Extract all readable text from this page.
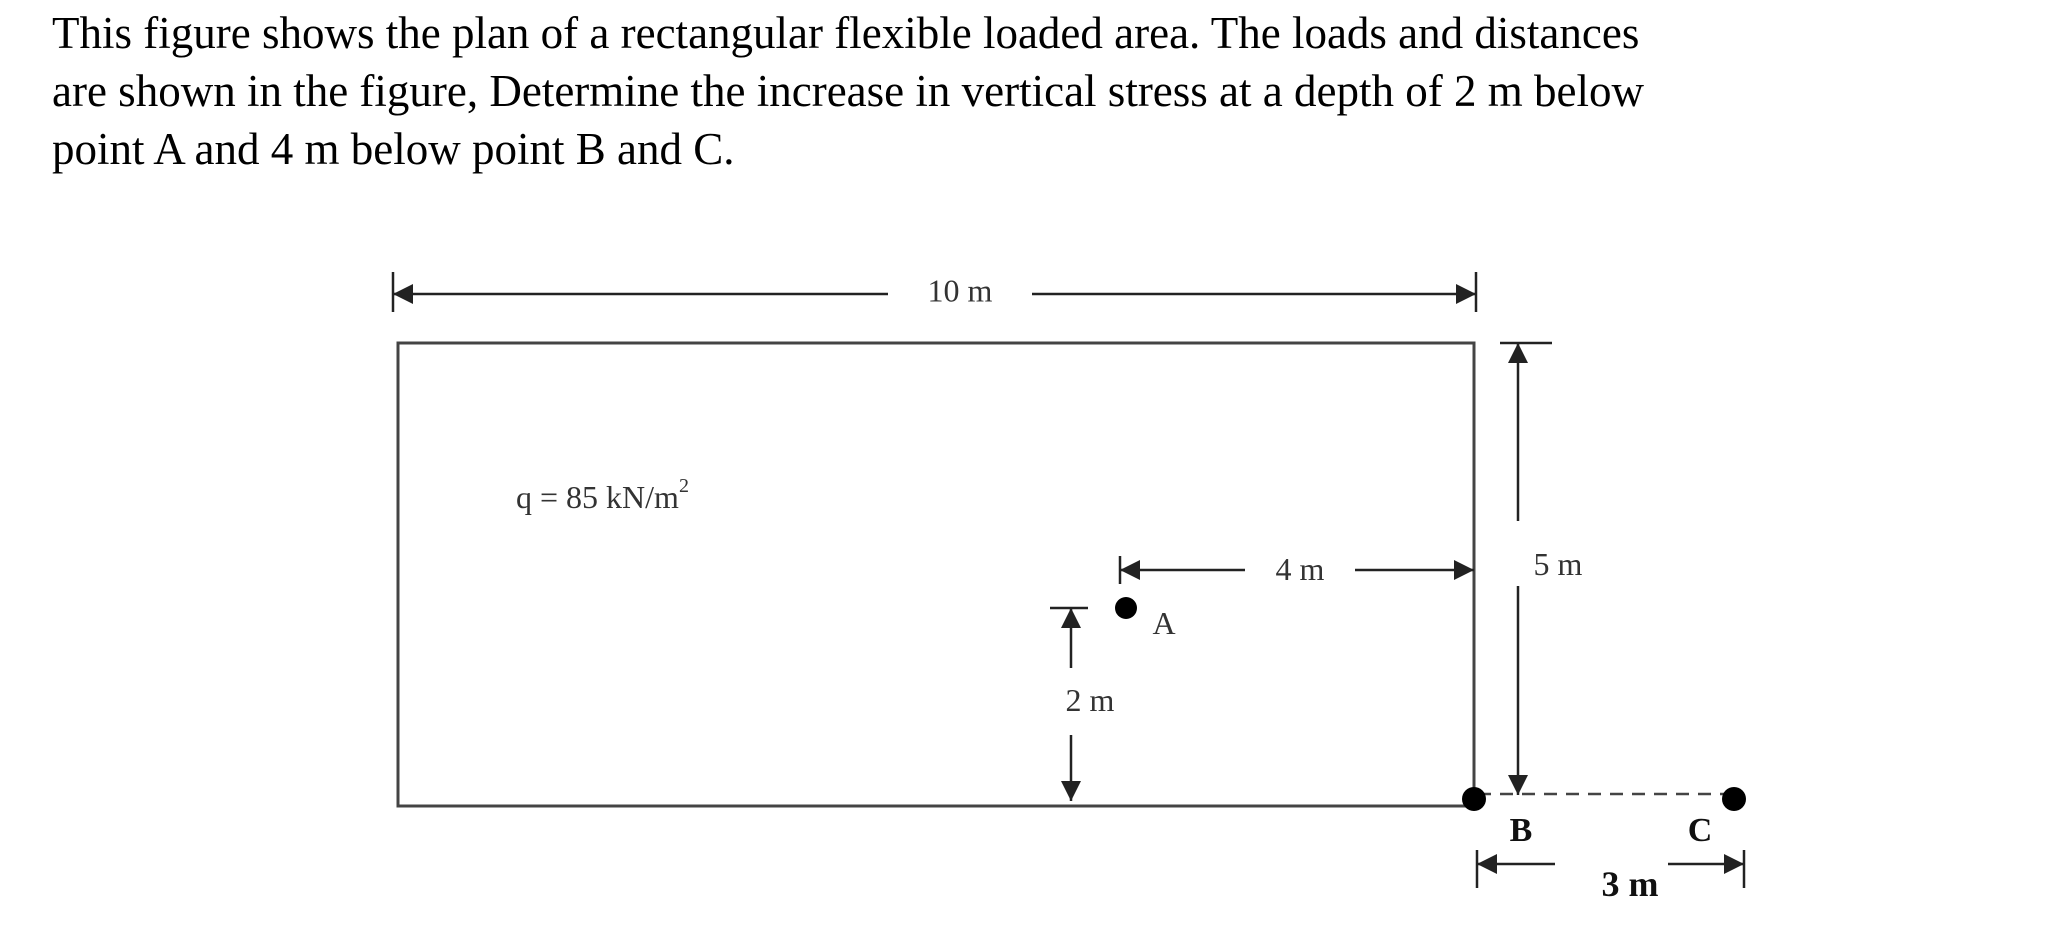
This figure shows the plan of a rectangular flexible loaded area. The loads and distances
are shown in the figure, Determine the increase in vertical stress at a depth of 2 m below
point A and 4 m below point B and C.
10 m
q = 85 $kN/m^2$
5 m
4 m
2 m
A
B	C
3 m
